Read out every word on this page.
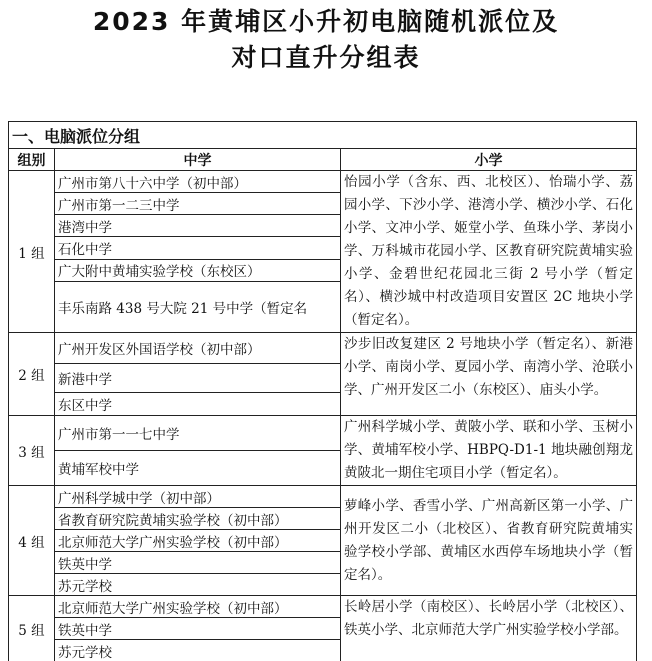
2023 年黄埔区小升初电脑随机派位及
对口直升分组表
一、电脑派位分组		
组别	中学	小学
1 组	广州市第八十六中学（初中部）	怡园小学（含东、西、北校区）、怡瑞小学、荔园小学、下沙小学、港湾小学、横沙小学、石化小学、文冲小学、姬堂小学、鱼珠小学、茅岗小学、万科城市花园小学、区教育研究院黄埔实验小学、金碧世纪花园北三街 2 号小学（暂定名）、横沙城中村改造项目安置区 2C 地块小学（暂定名）。
	广州市第一二三中学	
	港湾中学	
	石化中学	
	广大附中黄埔实验学校（东校区）	
	丰乐南路 438 号大院 21 号中学（暂定名	
2 组	广州开发区外国语学校（初中部）	沙步旧改复建区 2 号地块小学（暂定名）、新港小学、南岗小学、夏园小学、南湾小学、沧联小学、广州开发区二小（东校区）、庙头小学。
	新港中学	
	东区中学	
3 组	广州市第一一七中学	广州科学城小学、黄陂小学、联和小学、玉树小学、黄埔军校小学、HBPQ-D1-1 地块融创翔龙黄陂北一期住宅项目小学（暂定名）。
	黄埔军校中学	
4 组	广州科学城中学（初中部）	萝峰小学、香雪小学、广州高新区第一小学、广州开发区二小（北校区）、省教育研究院黄埔实验学校小学部、黄埔区水西停车场地块小学（暂定名）。
	省教育研究院黄埔实验学校（初中部）	
	北京师范大学广州实验学校（初中部）	
	铁英中学	
	苏元学校	
5 组	北京师范大学广州实验学校（初中部）	长岭居小学（南校区）、长岭居小学（北校区）、铁英小学、北京师范大学广州实验学校小学部。
	铁英中学	
	苏元学校	
